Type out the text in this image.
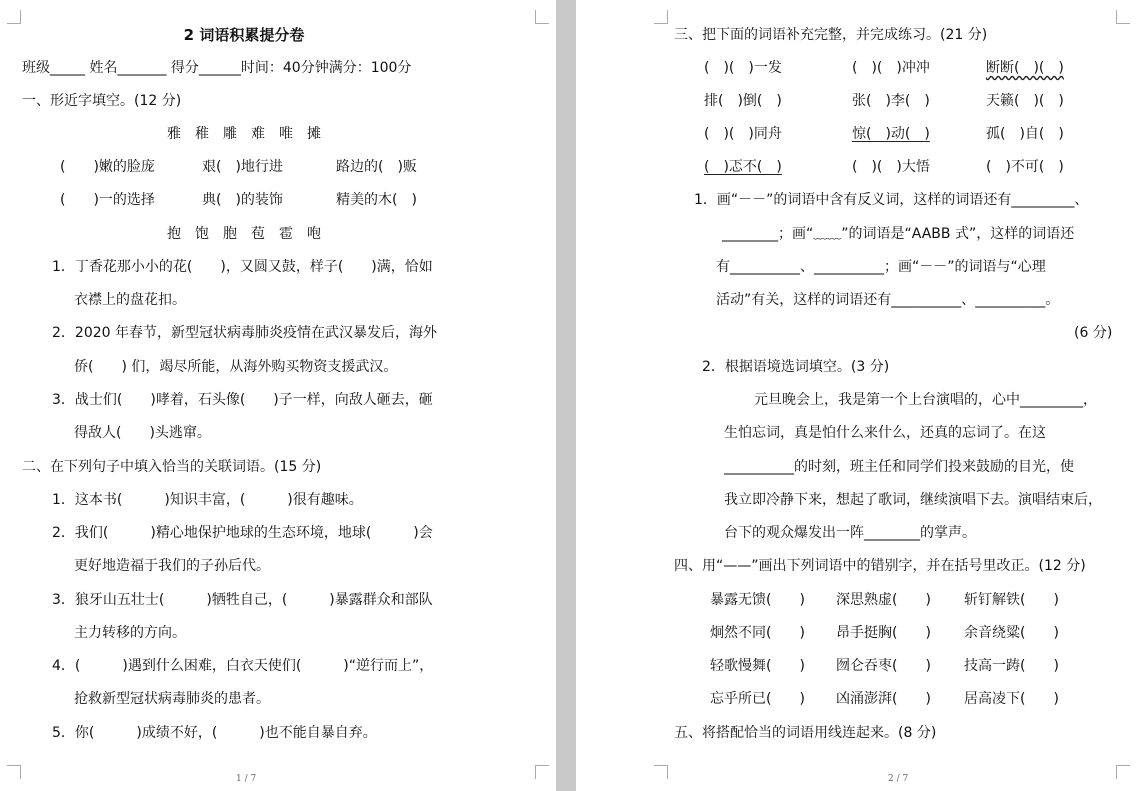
2 词语积累提分卷
班级_____ 姓名_______ 得分______时间：40分钟满分：100分
一、形近字填空。(12 分)
雅　稚　雕　难　唯　摊
(　　)嫩的脸庞	艰(　)地行进	路边的(　)贩
(　　)一的选择	典(　)的装饰	精美的木(　)
抱　饱　胞　苞　雹　咆
1．丁香花那小小的花(　　)，又圆又鼓，样子(　　)满，恰如
衣襟上的盘花扣。
2．2020 年春节，新型冠状病毒肺炎疫情在武汉暴发后，海外
侨(　　) 们，竭尽所能，从海外购买物资支援武汉。
3．战士们(　　)哮着，石头像(　　)子一样，向敌人砸去，砸
得敌人(　　)头逃窜。
二、在下列句子中填入恰当的关联词语。(15 分)
1．这本书(　　　)知识丰富，(　　　)很有趣味。
2．我们(　　　)精心地保护地球的生态环境，地球(　　　)会
更好地造福于我们的子孙后代。
3．狼牙山五壮士(　　　)牺牲自己，(　　　)暴露群众和部队
主力转移的方向。
4．(　　　)遇到什么困难，白衣天使们(　　　)“逆行而上”，
抢救新型冠状病毒肺炎的患者。
5．你(　　　)成绩不好，(　　　)也不能自暴自弃。
1 / 7
三、把下面的词语补充完整，并完成练习。(21 分)
(　)(　)一发	(　)(　)冲冲	断断(　)(　)
排(　)倒(　)	张(　)李(　)	天籁(　)(　)
(　)(　)同舟	惊(　)动(　)	孤(　)自(　)
(　)忑不(　)	(　)(　)大悟	(　)不可(　)
1．画“－－”的词语中含有反义词，这样的词语还有_________、
________；画“﹏﹏”的词语是“AABB 式”，这样的词语还
有__________、__________；画“－－”的词语与“心理
活动”有关，这样的词语还有__________、__________。
(6 分)
2．根据语境选词填空。(3 分)
元旦晚会上，我是第一个上台演唱的，心中_________，
生怕忘词，真是怕什么来什么，还真的忘词了。在这
__________的时刻，班主任和同学们投来鼓励的目光，使
我立即冷静下来，想起了歌词，继续演唱下去。演唱结束后，
台下的观众爆发出一阵________的掌声。
四、用“——”画出下列词语中的错别字，并在括号里改正。(12 分)
暴露无馈(　　) 深思熟虚(　　) 斩钉解铁(　　)
炯然不同(　　) 昂手挺胸(　　) 余音绕粱(　　)
轻歌慢舞(　　) 囫仑吞枣(　　) 技高一踌(　　)
忘乎所已(　　) 凶涌澎湃(　　) 居高凌下(　　)
五、将搭配恰当的词语用线连起来。(8 分)
2 / 7
